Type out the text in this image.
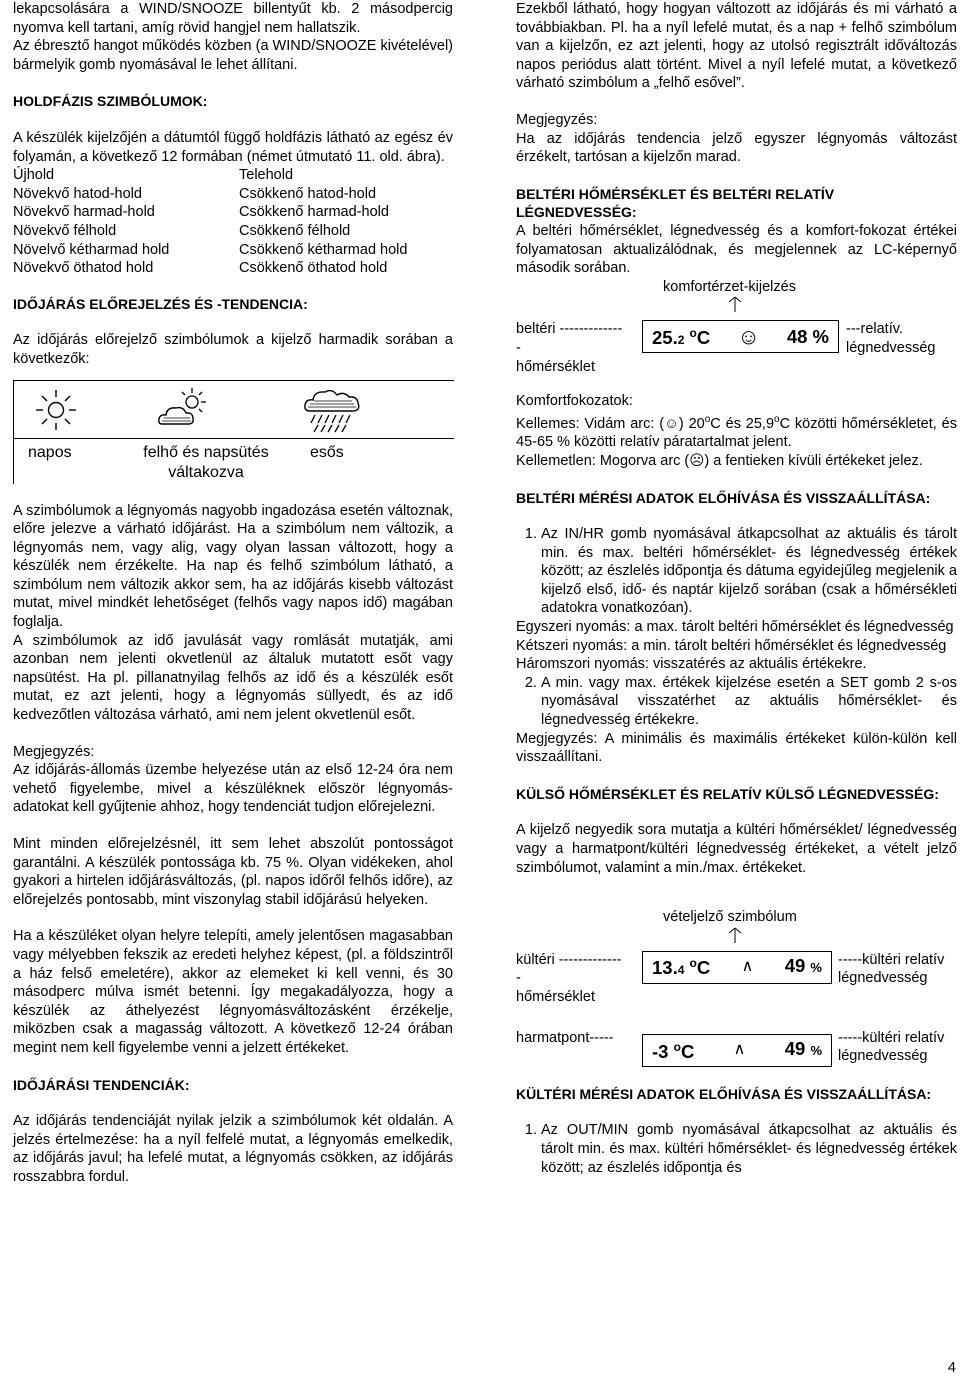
lekapcsolására a WIND/SNOOZE billentyűt kb. 2 másodpercig nyomva kell tartani, amíg rövid hangjel nem hallatszik.

Az ébresztő hangot működés közben (a WIND/SNOOZE kivételével) bármelyik gomb nyomásával le lehet állítani.

HOLDFÁZIS SZIMBÓLUMOK:

A készülék kijelzőjén a dátumtól függő holdfázis látható az egész év folyamán, a következő 12 formában (német útmutató 11. old. ábra).

Újhold	Telehold
Növekvő hatod-hold	Csökkenő hatod-hold
Növekvő harmad-hold	Csökkenő harmad-hold
Növekvő félhold	Csökkenő félhold
Növelvő kétharmad hold	Csökkenő kétharmad hold
Növekvő öthatod hold	Csökkenő öthatod hold

IDŐJÁRÁS ELŐREJELZÉS ÉS -TENDENCIA:

Az időjárás előrejelző szimbólumok a kijelző harmadik sorában a következők:

napos	felhő és napsütés váltakozva
esős

A szimbólumok a légnyomás nagyobb ingadozása esetén változnak, előre jelezve a várható időjárást. Ha a szimbólum nem változik, a légnyomás nem, vagy alig, vagy olyan lassan változott, hogy a készülék nem érzékelte. Ha nap és felhő szimbólum látható, a szimbólum nem változik akkor sem, ha az időjárás kisebb változást mutat, mivel mindkét lehetőséget (felhős vagy napos idő) magában foglalja.

A szimbólumok az idő javulását vagy romlását mutatják, ami azonban nem jelenti okvetlenül az általuk mutatott esőt vagy napsütést. Ha pl. pillanatnyilag felhős az idő és a készülék esőt mutat, ez azt jelenti, hogy a légnyomás süllyedt, és az idő kedvezőtlen változása várható, ami nem jelent okvetlenül esőt.

Megjegyzés:

Az időjárás-állomás üzembe helyezése után az első 12-24 óra nem vehető figyelembe, mivel a készüléknek először légnyomás-adatokat kell gyűjtenie ahhoz, hogy tendenciát tudjon előrejelezni.

Mint minden előrejelzésnél, itt sem lehet abszolút pontosságot garantálni. A készülék pontossága kb. 75 %. Olyan vidékeken, ahol gyakori a hirtelen időjárásváltozás, (pl. napos időről felhős időre), az előrejelzés pontosabb, mint viszonylag stabil időjárású helyeken.

Ha a készüléket olyan helyre telepíti, amely jelentősen magasabban vagy mélyebben fekszik az eredeti helyhez képest, (pl. a földszintről a ház felső emeletére), akkor az elemeket ki kell venni, és 30 másodperc múlva ismét betenni. Így megakadályozza, hogy a készülék az áthelyezést légnyomásváltozásként érzékelje, miközben csak a magasság változott. A következő 12-24 órában megint nem kell figyelembe venni a jelzett értékeket.

IDŐJÁRÁSI TENDENCIÁK:

Az időjárás tendenciáját nyilak jelzik a szimbólumok két oldalán. A jelzés értelmezése: ha a nyíl felfelé mutat, a légnyomás emelkedik, az időjárás javul; ha lefelé mutat, a légnyomás csökken, az időjárás rosszabbra fordul.

Ezekből látható, hogy hogyan változott az időjárás és mi várható a továbbiakban. Pl. ha a nyíl lefelé mutat, és a nap + felhő szimbólum van a kijelzőn, ez azt jelenti, hogy az utolsó regisztrált időváltozás napos periódus alatt történt. Mivel a nyíl lefelé mutat, a következő várható szimbólum a „felhő esővel”.

Megjegyzés:

Ha az időjárás tendencia jelző egyszer légnyomás változást érzékelt, tartósan a kijelzőn marad.

BELTÉRI HŐMÉRSÉKLET ÉS BELTÉRI RELATÍV LÉGNEDVESSÉG:

A beltéri hőmérséklet, légnedvesség és a komfort-fokozat értékei folyamatosan aktualizálódnak, és megjelennek az LC-képernyő második sorában.

komfortérzet-kijelzés

beltéri -------------
-
hőmérséklet
25.2 $^o$C ☺ 48 % ---relatív.
légnedvesség

Komfortfokozatok:

Kellemes: Vidám arc: (☺) 20$^o$C és 25,9$^o$C közötti hőmérsékletet, és 45-65 % közötti relatív páratartalmat jelent.

Kellemetlen: Mogorva arc (☹) a fentieken kívüli értékeket jelez.

BELTÉRI MÉRÉSI ADATOK ELŐHÍVÁSA ÉS VISSZAÁLLÍTÁSA:

1. Az IN/HR gomb nyomásával átkapcsolhat az aktuális és tárolt min. és max. beltéri hőmérséklet- és légnedvesség értékek között; az észlelés időpontja és dátuma egyidejűleg megjelenik a kijelző első, idő- és naptár kijelző sorában (csak a hőmérsékleti adatokra vonatkozóan).

Egyszeri nyomás: a max. tárolt beltéri hőmérséklet és légnedvesség

Kétszeri nyomás: a min. tárolt beltéri hőmérséklet és légnedvesség

Háromszori nyomás: visszatérés az aktuális értékekre.

2. A min. vagy max. értékek kijelzése esetén a SET gomb 2 s-os nyomásával visszatérhet az aktuális hőmérséklet- és légnedvesség értékekre.

Megjegyzés: A minimális és maximális értékeket külön-külön kell visszaállítani.

KÜLSŐ HŐMÉRSÉKLET ÉS RELATÍV KÜLSŐ LÉGNEDVESSÉG:

A kijelző negyedik sora mutatja a kültéri hőmérséklet/ légnedvesség vagy a harmatpont/kültéri légnedvesség értékeket, a vételt jelző szimbólumot, valamint a min./max. értékeket.

vételjelző szimbólum

kültéri -------------
-
hőmérséklet
13.4 $^o$C ∧ 49 % -----kültéri relatív
légnedvesség
harmatpont-----
-3 $^o$C ∧ 49 %
-----kültéri relatív
légnedvesség

KÜLTÉRI MÉRÉSI ADATOK ELŐHÍVÁSA ÉS VISSZAÁLLÍTÁSA:

1. Az OUT/MIN gomb nyomásával átkapcsolhat az aktuális és tárolt min. és max. kültéri hőmérséklet- és légnedvesség értékek között; az észlelés időpontja és
4
